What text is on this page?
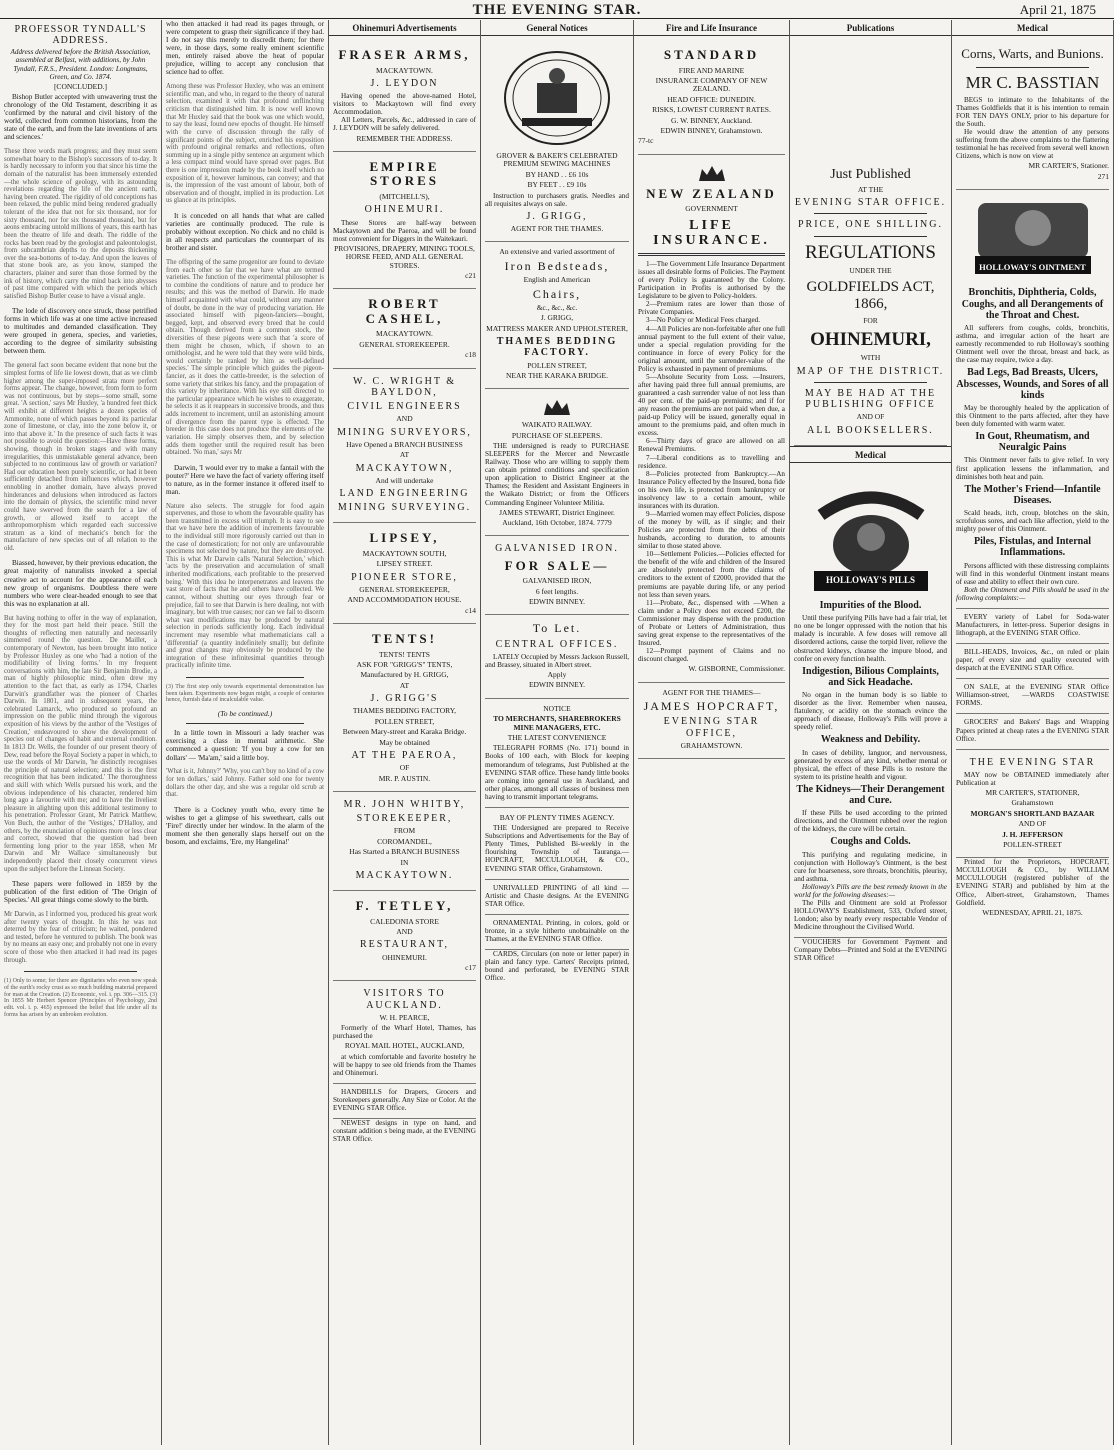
THE EVENING STAR.	April 21, 1875
PROFESSOR TYNDALL'S ADDRESS.

Address delivered before the British Association, assembled at Belfast, with additions, by John Tyndall, F.R.S., President. London: Longmans, Green, and Co. 1874.

[CONCLUDED.]

Bishop Butler accepted with unwavering trust the chronology of the Old Testament, describing it as 'confirmed by the natural and civil history of the world, collected from common historians, from the state of the earth, and from the late inventions of arts and sciences.'

These three words mark progress; and they must seem somewhat hoary to the Bishop's successors of to-day. It is hardly necessary to inform you that since his time the domain of the naturalist has been immensely extended—the whole science of geology, with its astounding revelations regarding the life of the ancient earth, having been created. The rigidity of old conceptions has been relaxed, the public mind being rendered gradually tolerant of the idea that not for six thousand, nor for sixty thousand, nor for six thousand thousand, but for aeons embracing untold millions of years, this earth has been the theatre of life and death. The riddle of the rocks has been read by the geologist and paleontologist, from subcambrian depths to the deposits thickening over the sea-bottoms of to-day. And upon the leaves of that stone book are, as you know, stamped the characters, plainer and surer than those formed by the ink of history, which carry the mind back into abysses of past time compared with which the periods which satisfied Bishop Butler cease to have a visual angle.

The lode of discovery once struck, those petrified forms in which life was at one time active increased to multitudes and demanded classification. They were grouped in genera, species, and varieties, according to the degree of similarity subsisting between them.

The general fact soon became evident that none but the simplest forms of life lie lowest down, that as we climb higher among the super-imposed strata more perfect forms appear. The change, however, from form to form was not continuous, but by steps—some small, some great. 'A section,' says Mr Huxley, 'a hundred feet thick will exhibit at different heights a dozen species of Ammonite, none of which passes beyond its particular zone of limestone, or clay, into the zone below it, or into that above it.' In the presence of such facts it was not possible to avoid the question:—Have these forms, showing, though in broken stages and with many irregularities, this unmistakable general advance, been subjected to no continuous law of growth or variation? Had our education been purely scientific, or had it been sufficiently detached from influences which, however ennobling in another domain, have always proved hinderances and delusions when introduced as factors into the domain of physics, the scientific mind never could have swerved from the search for a law of growth, or allowed itself to accept the anthropomorphism which regarded each successive stratum as a kind of mechanic's bench for the manufacture of new species out of all relation to the old.

Biassed, however, by their previous education, the great majority of naturalists invoked a special creative act to account for the appearance of each new group of organisms. Doubtless there were numbers who were clear-headed enough to see that this was no explanation at all.

But having nothing to offer in the way of explanation, they for the most part held their peace. Still the thoughts of reflecting men naturally and necessarily simmered round the question. De Maillet, a contemporary of Newton, has been brought into notice by Professor Huxley as one who 'had a notion of the modifiability of living forms.' In my frequent conversations with him, the late Sir Benjamin Brodie, a man of highly philosophic mind, often drew my attention to the fact that, as early as 1794, Charles Darwin's grandfather was the pioneer of Charles Darwin. In 1801, and in subsequent years, the celebrated Lamarck, who produced so profound an impression on the public mind through the vigorous exposition of his views by the author of the 'Vestiges of Creation,' endeavoured to show the development of species out of changes of habit and external condition. In 1813 Dr. Wells, the founder of our present theory of Dew, read before the Royal Society a paper in which, to use the words of Mr Darwin, 'he distinctly recognises the principle of natural selection; and this is the first recognition that has been indicated.' The thoroughness and skill with which Wells pursued his work, and the obvious independence of his character, rendered him long ago a favourite with me; and to have the liveliest pleasure in alighting upon this additional testimony to his penetration. Professor Grant, Mr Patrick Matthew, Von Buch, the author of the 'Vestiges,' D'Halloy, and others, by the enunciation of opinions more or less clear and correct, showed that the question had been fermenting long prior to the year 1858, when Mr Darwin and Mr Wallace simultaneously but independently placed their closely concurrent views upon the subject before the Linnean Society.

These papers were followed in 1859 by the publication of the first edition of 'The Origin of Species.' All great things come slowly to the birth.

Mr Darwin, as I informed you, produced his great work after twenty years of thought. In this he was not deterred by the fear of criticism; he waited, pondered and tested, before he ventured to publish. The book was by no means an easy one; and probably not one in every score of those who then attacked it had read its pages through.

(1) Only to some; for there are dignitaries who even now speak of the earth's rocky crust as so much building material prepared for man at the Creation. (2) Economic, vol. i. pp. 306—315. (3) In 1855 Mr Herbert Spencer (Principles of Psychology, 2nd edit. vol. i. p. 465) expressed the belief that life under all its forms has arisen by an unbroken evolution.

who then attacked it had read its pages through, or were competent to grasp their significance if they had. I do not say this merely to discredit them; for there were, in those days, some really eminent scientific men, entirely raised above the heat of popular prejudice, willing to accept any conclusion that science had to offer.

Among these was Professor Huxley, who was an eminent scientific man, and who, in regard to the theory of natural selection, examined it with that profound unflinching criticism that distinguished him. It is now well known that Mr Huxley said that the book was one which would, to say the least, found new epochs of thought. He himself with the curve of discussion through the rally of significant points of the subject, enriched his exposition with profound original remarks and reflections, often summing up in a single pithy sentence an argument which a less compact mind would have spread over pages. But there is one impression made by the book itself which no exposition of it, however luminous, can convey; and that is, the impression of the vast amount of labour, both of observation and of thought, implied in its production. Let us glance at its principles.

It is conceded on all hands that what are called varieties are continually produced. The rule is probably without exception. No chick and no child is in all respects and particulars the counterpart of its brother and sister.

The offspring of the same progenitor are found to deviate from each other so far that we have what are termed varieties. The function of the experimental philosopher is to combine the conditions of nature and to produce her results; and this was the method of Darwin. He made himself acquainted with what could, without any manner of doubt, be done in the way of producing variation. He associated himself with pigeon-fanciers—bought, begged, kept, and observed every breed that he could obtain. Though derived from a common stock, the diversities of these pigeons were such that 'a score of them might be chosen, which, if shown to an ornithologist, and he were told that they were wild birds, would certainly be ranked by him as well-defined species.' The simple principle which guides the pigeon-fancier, as it does the cattle-breeder, is the selection of some variety that strikes his fancy, and the propagation of this variety by inheritance. With his eye still directed to the particular appearance which he wishes to exaggerate, he selects it as it reappears in successive broods, and thus adds increment to increment, until an astonishing amount of divergence from the parent type is effected. The breeder in this case does not produce the elements of the variation. He simply observes them, and by selection adds them together until the required result has been obtained. 'No man,' says Mr

Darwin, 'I would ever try to make a fantail with the pouter?' Here we have the fact of variety offering itself to nature, as in the former instance it offered itself to man.

Nature also selects. The struggle for food again supervenes, and those to whom the favourable quality has been transmitted in excess will triumph. It is easy to see that we have here the addition of increments favourable to the individual still more rigorously carried out than in the case of domestication; for not only are unfavourable specimens not selected by nature, but they are destroyed. This is what Mr Darwin calls 'Natural Selection,' which 'acts by the preservation and accumulation of small inherited modifications, each profitable to the preserved being.' With this idea he interpenetrates and leavens the vast store of facts that he and others have collected. We cannot, without shutting our eyes through fear or prejudice, fail to see that Darwin is here dealing, not with imaginary, but with true causes; nor can we fail to discern what vast modifications may be produced by natural selection in periods sufficiently long. Each individual increment may resemble what mathematicians call a 'differential' (a quantity indefinitely small); but definite and great changes may obviously be produced by the integration of these infinitesimal quantities through practically infinite time.

(3) The first step only towards experimental demonstration has been taken. Experiments now begun might, a couple of centuries hence, furnish data of incalculable value.

(To be continued.)

In a little town in Missouri a lady teacher was exercising a class in mental arithmetic. She commenced a question: 'If you buy a cow for ten dollars' — 'Ma'am,' said a little boy.

'What is it, Johnny?' 'Why, you can't buy no kind of a cow for ten dollars,' said Johnny. Father sold one for twenty dollars the other day, and she was a regular old scrub at that.

There is a Cockney youth who, every time he wishes to get a glimpse of his sweetheart, calls out 'Fire!' directly under her window. In the alarm of the moment she then generally slaps herself out on the bosom, and exclaims, 'Ere, my Hangelina!'

Ohinemuri Advertisements
FRASER ARMS,
MACKAYTOWN.
J. LEYDON

Having opened the above-named Hotel, visitors to Mackaytown will find every Accommodation.

All Letters, Parcels, &c., addressed in care of J. LEYDON will be safely delivered.

REMEMBER THE ADDRESS.
EMPIRE STORES
(MITCHELL'S),
OHINEMURI.

These Stores are half-way between Mackaytown and the Paeroa, and will be found most convenient for Diggers in the Waitekauri.

PROVISIONS, DRAPERY, MINING TOOLS, HORSE FEED, AND ALL GENERAL STORES.
c21
ROBERT CASHEL,
MACKAYTOWN.
GENERAL STOREKEEPER.
c18
W. C. WRIGHT & BAYLDON,
CIVIL ENGINEERS
AND
MINING SURVEYORS,
Have Opened a BRANCH BUSINESS
AT
MACKAYTOWN,
And will undertake
LAND ENGINEERING
MINING SURVEYING.
LIPSEY,
MACKAYTOWN SOUTH,
LIPSEY STREET.
PIONEER STORE,
GENERAL STOREKEEPER,
AND ACCOMMODATION HOUSE.
c14
TENTS!
TENTS! TENTS
ASK FOR "GRIGG'S" TENTS,
Manufactured by H. GRIGG,
AT
J. GRIGG'S
THAMES BEDDING FACTORY,
POLLEN STREET,
Between Mary-street and Karaka Bridge.
May be obtained
AT THE PAEROA,
OF
MR. P. AUSTIN.
MR. JOHN WHITBY,
STOREKEEPER,
FROM
COROMANDEL,
Has Started a BRANCH BUSINESS
IN
MACKAYTOWN.
F. TETLEY,
CALEDONIA STORE
AND
RESTAURANT,
OHINEMURI.
c17
VISITORS TO AUCKLAND.
W. H. PEARCE,

Formerly of the Wharf Hotel, Thames, has purchased the

ROYAL MAIL HOTEL, AUCKLAND,

at which comfortable and favorite hostelry he will be happy to see old friends from the Thames and Ohinemuri.

HANDBILLS for Drapers, Grocers and Storekeepers generally. Any Size or Color. At the EVENING STAR Office.

NEWEST designs in type on hand, and constant addition s being made, at the EVENING STAR Office.

General Notices
GROVER & BAKER'S CELEBRATED PREMIUM SEWING MACHINES
BY HAND . . £6 10s
BY FEET . . £9 10s

Instruction to purchasers gratis. Needles and all requisites always on sale.

J. GRIGG,
AGENT FOR THE THAMES.
An extensive and varied assortment of
Iron Bedsteads,
English and American
Chairs,
&c., &c., &c.
J. GRIGG,
MATTRESS MAKER AND UPHOLSTERER,
THAMES BEDDING FACTORY.
POLLEN STREET,
NEAR THE KARAKA BRIDGE.
WAIKATO RAILWAY.
PURCHASE OF SLEEPERS.

THE undersigned is ready to PURCHASE SLEEPERS for the Mercer and Newcastle Railway. Those who are willing to supply them can obtain printed conditions and specification upon application to District Engineer at the Thames; the Resident and Assistant Engineers in the Waikato District; or from the Officers Commanding Engineer Volunteer Militia.

JAMES STEWART, District Engineer.
Auckland, 16th October, 1874. 7779
GALVANISED IRON.
FOR SALE—
GALVANISED IRON,
6 feet lengths.
EDWIN BINNEY.
To Let.
CENTRAL OFFICES.

LATELY Occupied by Messrs Jackson Russell, and Brassey, situated in Albert street.

Apply
EDWIN BINNEY.
NOTICE
TO MERCHANTS, SHAREBROKERS MINE MANAGERS, ETC.
THE LATEST CONVENIENCE

TELEGRAPH FORMS (No. 171) bound in Books of 100 each, with Block for keeping memorandum of telegrams, Just Published at the EVENING STAR office. These handy little books are coming into general use in Auckland, and other places, amongst all classes of business men having to transmit important telegrams.

BAY OF PLENTY TIMES AGENCY.

THE Undersigned are prepared to Receive Subscriptions and Advertisements for the Bay of Plenty Times, Published Bi-weekly in the flourishing Township of Tauranga.— HOPCRAFT, MCCULLOUGH, & CO., EVENING STAR Office, Grahamstown.

UNRIVALLED PRINTING of all kind —Artistic and Chaste designs. At the EVENING STAR Office.

ORNAMENTAL Printing, in colors, gold or bronze, in a style hitherto unobtainable on the Thames, at the EVENING STAR Office.

CARDS, Circulars (on note or letter paper) in plain and fancy type. Carters' Receipts printed, bound and perforated, be EVENING STAR Office.

Fire and Life Insurance
STANDARD
FIRE AND MARINE
INSURANCE COMPANY OF NEW ZEALAND.
HEAD OFFICE: DUNEDIN.
RISKS, LOWEST CURRENT RATES.
G. W. BINNEY, Auckland.
EDWIN BINNEY, Grahamstown.
77-tc
NEW ZEALAND
GOVERNMENT
LIFE INSURANCE.

1—The Government Life Insurance Department issues all desirable forms of Policies. The Payment of every Policy is guaranteed by the Colony. Participation in Profits is authorised by the Legislature to be given to Policy-holders.

2—Premium rates are lower than those of Private Companies.

3—No Policy or Medical Fees charged.

4—All Policies are non-forfeitable after one full annual payment to the full extent of their value, under a special regulation providing for the continuance in force of every Policy for the original amount, until the surrender-value of the Policy is exhausted in payment of premiums.

5—Absolute Security from Loss. —Insurers, after having paid three full annual premiums, are guaranteed a cash surrender value of not less than 40 per cent. of the paid-up premiums; and if for any reason the premiums are not paid when due, a paid-up Policy will be issued, generally equal in amount to the premiums paid, and often much in excess.

6—Thirty days of grace are allowed on all Renewal Premiums.

7—Liberal conditions as to travelling and residence.

8—Policies protected from Bankruptcy.—An Insurance Policy effected by the Insured, bona fide on his own life, is protected from bankruptcy or insolvency law to a certain amount, while insurances with its duration.

9—Married women may effect Policies, dispose of the money by will, as if single; and their Policies are protected from the debts of their husbands, according to duration, to amounts similar to those stated above.

10—Settlement Policies.—Policies effected for the benefit of the wife and children of the Insured are absolutely protected from the claims of creditors to the extent of £2000, provided that the premiums are payable during life, or any period not less than seven years.

11—Probate, &c., dispensed with —When a claim under a Policy does not exceed £200, the Commissioner may dispense with the production of Probate or Letters of Administration, thus saving great expense to the representatives of the Insured.

12—Prompt payment of Claims and no discount charged.

W. GISBORNE, Commissioner.
AGENT FOR THE THAMES—
JAMES HOPCRAFT,
EVENING STAR OFFICE,
GRAHAMSTOWN.
Publications
Just Published
AT THE
EVENING STAR OFFICE.
PRICE, ONE SHILLING.
REGULATIONS
UNDER THE
GOLDFIELDS ACT, 1866,
FOR
OHINEMURI,
WITH
MAP OF THE DISTRICT.
MAY BE HAD AT THE PUBLISHING OFFICE
AND OF
ALL BOOKSELLERS.
Medical
HOLLOWAY'S PILLS
Impurities of the Blood.

Until these purifying Pills have had a fair trial, let no one be longer oppressed with the notion that his malady is incurable. A few doses will remove all disordered actions, cause the torpid liver, relieve the obstructed kidneys, cleanse the impure blood, and confer on every function health.

Indigestion, Bilious Complaints, and Sick Headache.

No organ in the human body is so liable to disorder as the liver. Remember when nausea, flatulency, or acidity on the stomach evince the approach of disease, Holloway's Pills will prove a speedy relief.

Weakness and Debility.

In cases of debility, languor, and nervousness, generated by excess of any kind, whether mental or physical, the effect of these Pills is to restore the system to its pristine health and vigour.

The Kidneys—Their Derangement and Cure.

If these Pills be used according to the printed directions, and the Ointment rubbed over the region of the kidneys, the cure will be certain.

Coughs and Colds.

This purifying and regulating medicine, in conjunction with Holloway's Ointment, is the best cure for hoarseness, sore throats, bronchitis, pleurisy, and asthma.

Holloway's Pills are the best remedy known in the world for the following diseases:—

The Pills and Ointment are sold at Professor HOLLOWAY'S Establishment, 533, Oxford street, London; also by nearly every respectable Vendor of Medicine throughout the Civilised World.

VOUCHERS for Government Payment and Company Debts—Printed and Sold at the EVENING STAR Office!

Medical
Corns, Warts, and Bunions.
MR C. BASSTIAN

BEGS to intimate to the Inhabitants of the Thames Goldfields that it is his intention to remain FOR TEN DAYS ONLY, prior to his departure for the South.

He would draw the attention of any persons suffering from the above complaints to the flattering testimonial he has received from several well known Citizens, which is now on view at

MR CARTER'S, Stationer.
271
HOLLOWAY'S OINTMENT
Bronchitis, Diphtheria, Colds, Coughs, and all Derangements of the Throat and Chest.

All sufferers from coughs, colds, bronchitis, asthma, and irregular action of the heart are earnestly recommended to rub Holloway's soothing Ointment well over the throat, breast and back, as the case may require, twice a day.

Bad Legs, Bad Breasts, Ulcers, Abscesses, Wounds, and Sores of all kinds

May be thoroughly healed by the application of this Ointment to the parts affected, after they have been duly fomented with warm water.

In Gout, Rheumatism, and Neuralgic Pains

This Ointment never fails to give relief. In very first application lessens the inflammation, and diminishes both heat and pain.

The Mother's Friend—Infantile Diseases.

Scald heads, itch, croup, blotches on the skin, scrofulous sores, and each like affection, yield to the mighty power of this Ointment.

Piles, Fistulas, and Internal Inflammations.

Persons afflicted with these distressing complaints will find in this wonderful Ointment instant means of ease and ability to effect their own cure.

Both the Ointment and Pills should be used in the following complaints:—

EVERY variety of Label for Soda-water Manufacturers, in letter-press. Superior designs in lithograph, at the EVENING STAR Office.

BILL-HEADS, Invoices, &c., on ruled or plain paper, of every size and quality executed with despatch at the EVENING STAR Office.

ON SALE, at the EVENING STAR Office Williamson-street, —WARDS COASTWISE FORMS.

GROCERS' and Bakers' Bags and Wrapping Papers printed at cheap rates a the EVENING STAR Office.

THE EVENING STAR

MAY now be OBTAINED immediately after Publication at

MR CARTER'S, STATIONER,
Grahamstown
MORGAN'S SHORTLAND BAZAAR
AND OF
J. H. JEFFERSON
POLLEN-STREET

Printed for the Proprietors, HOPCRAFT, MCCULLOUGH & CO., by WILLIAM MCCULLOUGH (registered publisher of the EVENING STAR) and published by him at the Office, Albert-street, Grahamstown, Thames Goldfield.

WEDNESDAY, APRIL 21, 1875.
